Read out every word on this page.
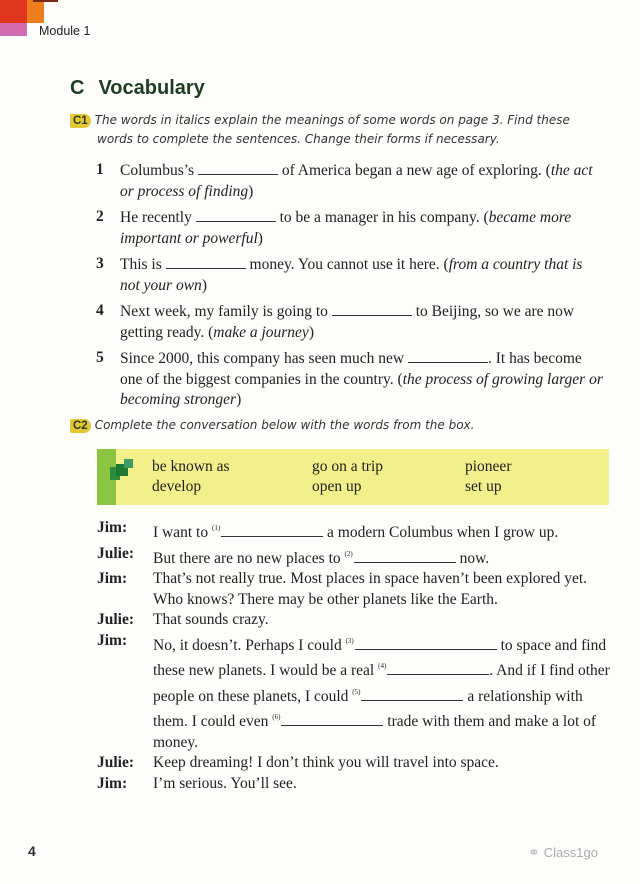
Module 1
C Vocabulary
C1 The words in italics explain the meanings of some words on page 3. Find these
words to complete the sentences. Change their forms if necessary.
1	Columbus’s	of America began a new age of exploring. (the act or process of finding)
2	He recently	to be a manager in his company. (became more important or powerful)
3	This is	money. You cannot use it here. (from a country that is not your own)
4	Next week, my family is going to	to Beijing, so we are now getting ready. (make a journey)
5	Since 2000, this company has seen much new	. It has become one of the biggest companies in the country. (the process of growing larger or becoming stronger)
C2 Complete the conversation below with the words from the box.
be known as	go on a trip	pioneer
develop	open up	set up
Jim:	I want to $^{(1)}$	a modern Columbus when I grow up.
Julie:	But there are no new places to $^{(2)}$	now.
Jim:	That’s not really true. Most places in space haven’t been explored yet. Who knows? There may be other planets like the Earth.
Julie:	That sounds crazy.
Jim:	No, it doesn’t. Perhaps I could $^{(3)}$	to space and find these new planets. I would be a real $^{(4)}$	. And if I find other people on these planets, I could $^{(5)}$	a relationship with them. I could even $^{(6)}$	trade with them and make a lot of money.
Julie:	Keep dreaming! I don’t think you will travel into space.
Jim:	I’m serious. You’ll see.
4	⚭ Class1go
